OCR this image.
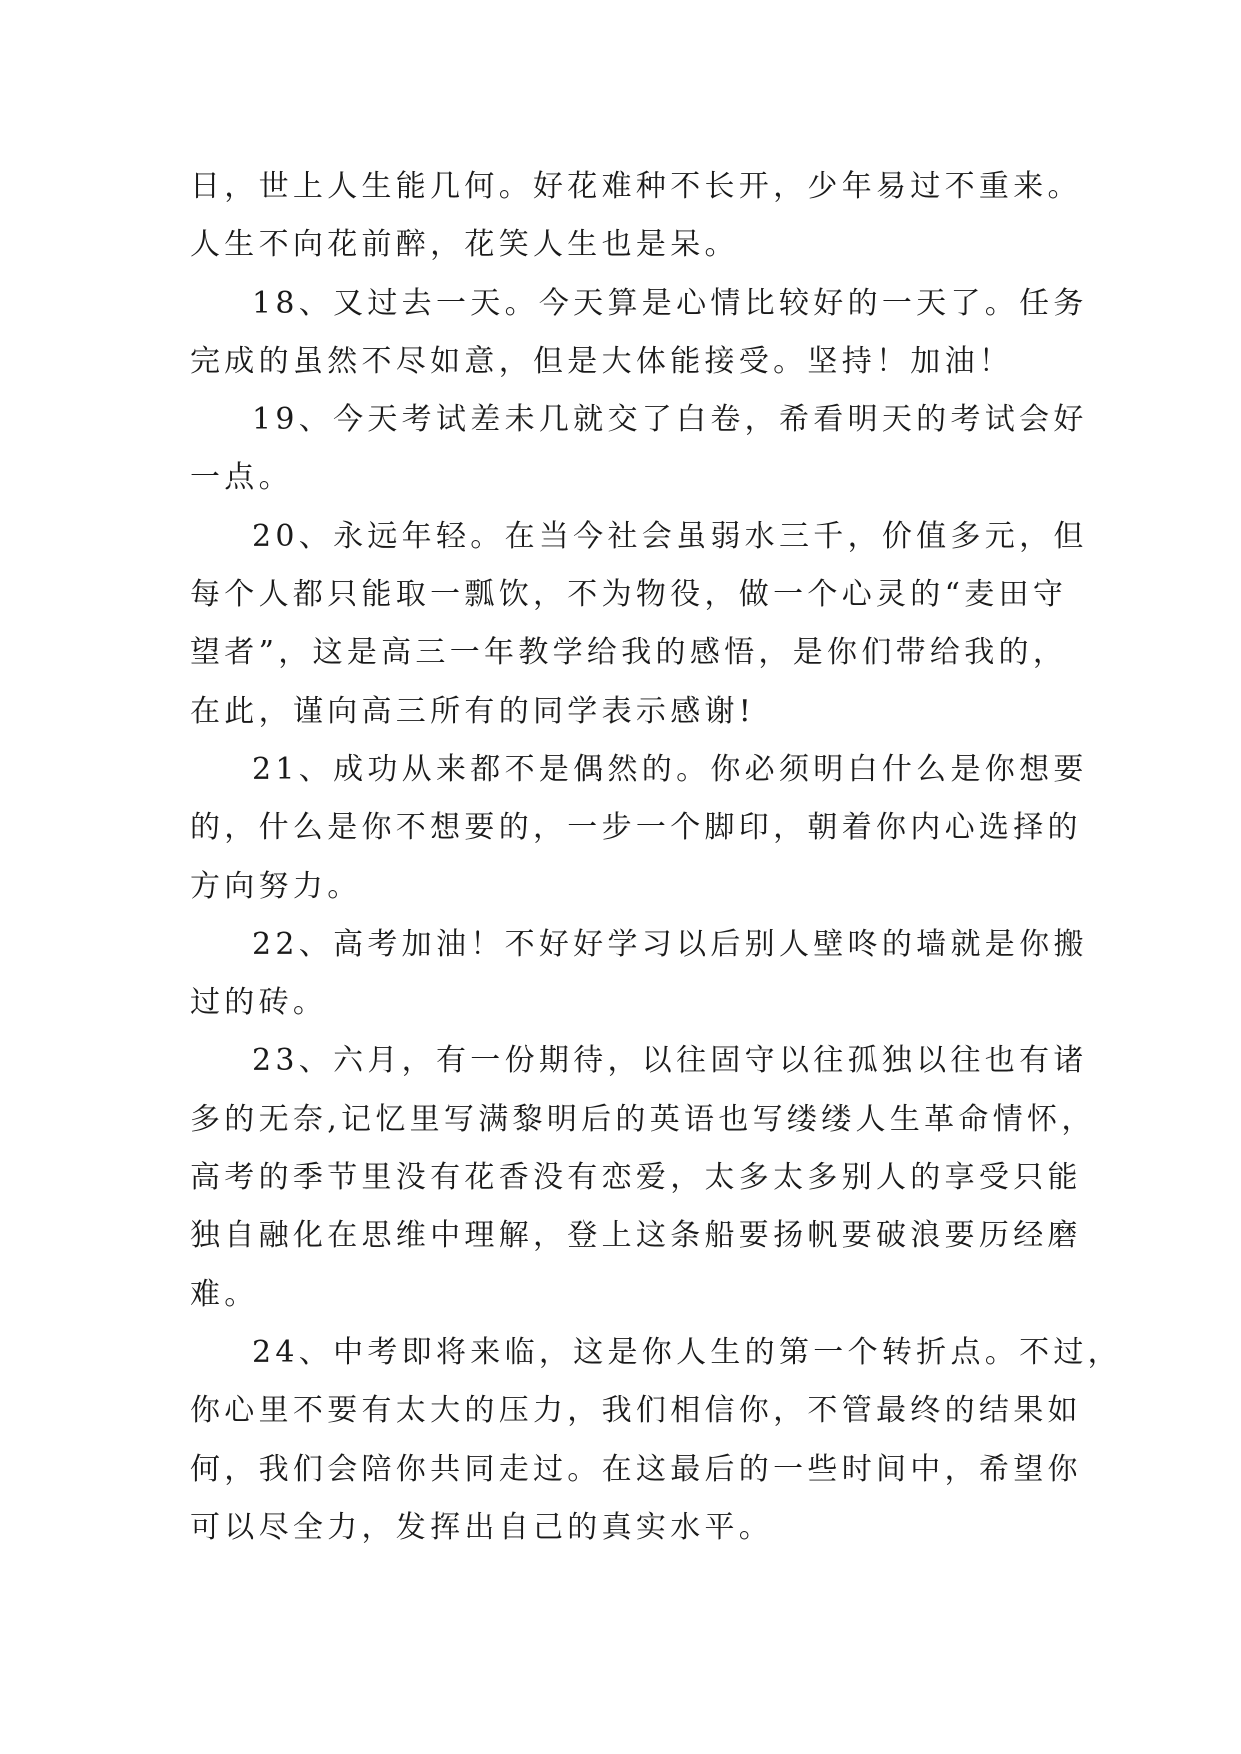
日，世上人生能几何。好花难种不长开，少年易过不重来。
人生不向花前醉，花笑人生也是呆。
18、又过去一天。今天算是心情比较好的一天了。任务
完成的虽然不尽如意，但是大体能接受。坚持！加油！
19、今天考试差未几就交了白卷，希看明天的考试会好
一点。
20、永远年轻。在当今社会虽弱水三千，价值多元，但
每个人都只能取一瓢饮，不为物役，做一个心灵的“麦田守
望者”，这是高三一年教学给我的感悟，是你们带给我的，
在此，谨向高三所有的同学表示感谢!
21、成功从来都不是偶然的。你必须明白什么是你想要
的，什么是你不想要的，一步一个脚印，朝着你内心选择的
方向努力。
22、高考加油！不好好学习以后别人壁咚的墙就是你搬
过的砖。
23、六月，有一份期待，以往固守以往孤独以往也有诸
多的无奈,记忆里写满黎明后的英语也写缕缕人生革命情怀，
高考的季节里没有花香没有恋爱，太多太多别人的享受只能
独自融化在思维中理解，登上这条船要扬帆要破浪要历经磨
难。
24、中考即将来临，这是你人生的第一个转折点。不过，
你心里不要有太大的压力，我们相信你，不管最终的结果如
何，我们会陪你共同走过。在这最后的一些时间中，希望你
可以尽全力，发挥出自己的真实水平。
